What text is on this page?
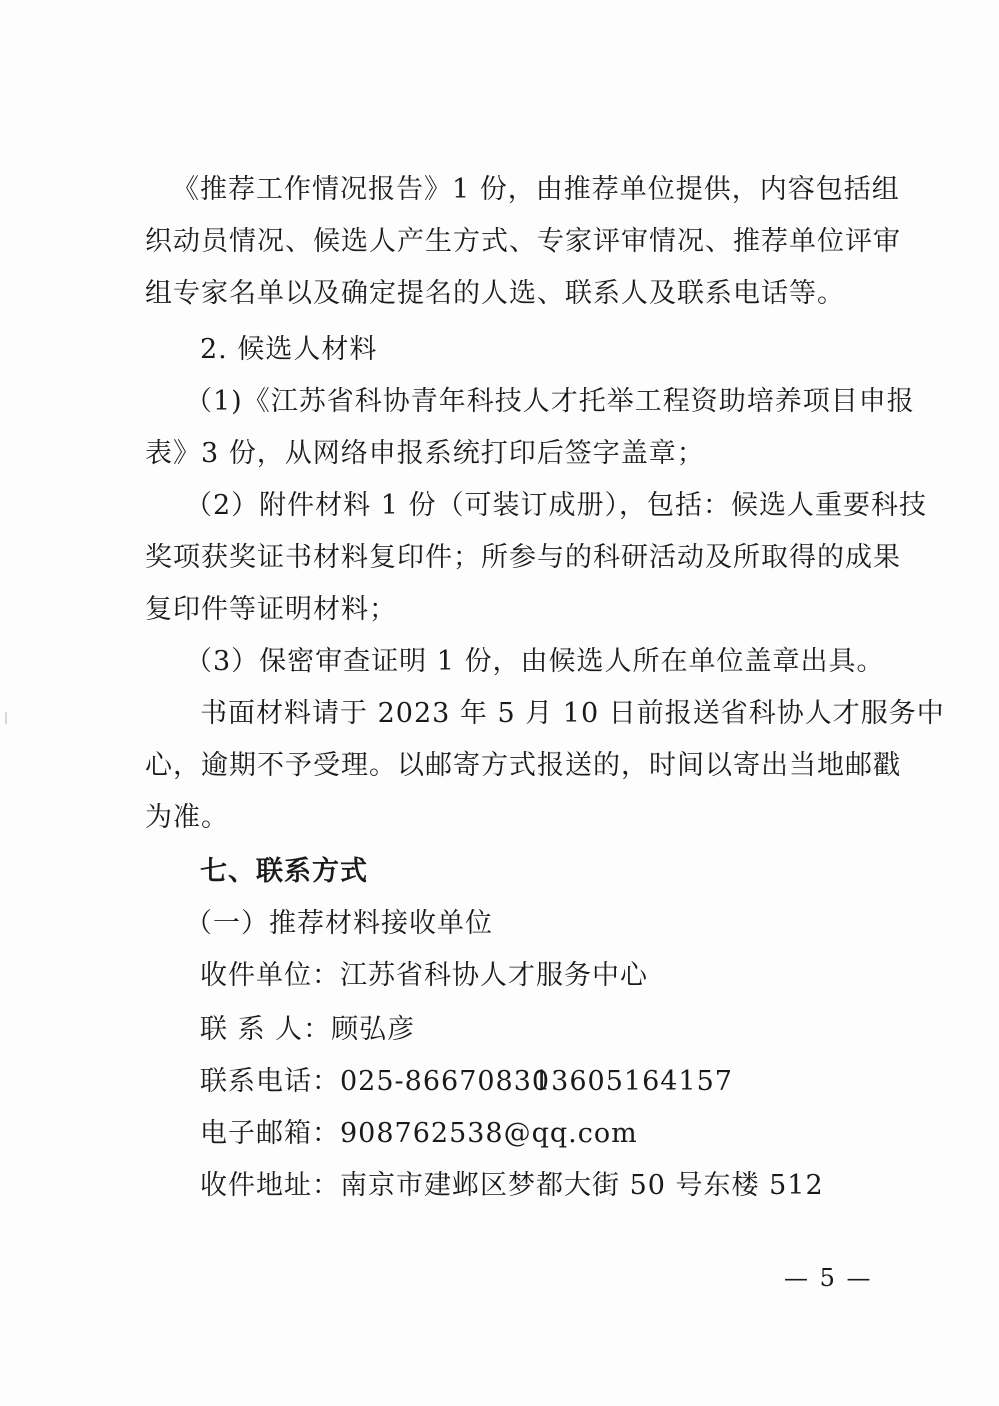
《推荐工作情况报告》1 份，由推荐单位提供，内容包括组
织动员情况、候选人产生方式、专家评审情况、推荐单位评审
组专家名单以及确定提名的人选、联系人及联系电话等。
2. 候选人材料
（1)《江苏省科协青年科技人才托举工程资助培养项目申报
表》3 份，从网络申报系统打印后签字盖章；
（2）附件材料 1 份（可装订成册），包括：候选人重要科技
奖项获奖证书材料复印件；所参与的科研活动及所取得的成果
复印件等证明材料；
（3）保密审查证明 1 份，由候选人所在单位盖章出具。
书面材料请于 2023 年 5 月 10 日前报送省科协人才服务中
心，逾期不予受理。以邮寄方式报送的，时间以寄出当地邮戳
为准。
七、联系方式
（一）推荐材料接收单位
收件单位：江苏省科协人才服务中心
联 系 人：顾弘彦
联系电话：025-86670830
13605164157
电子邮箱：908762538@qq.com
收件地址：南京市建邺区梦都大街 50 号东楼 512
— 5 —
